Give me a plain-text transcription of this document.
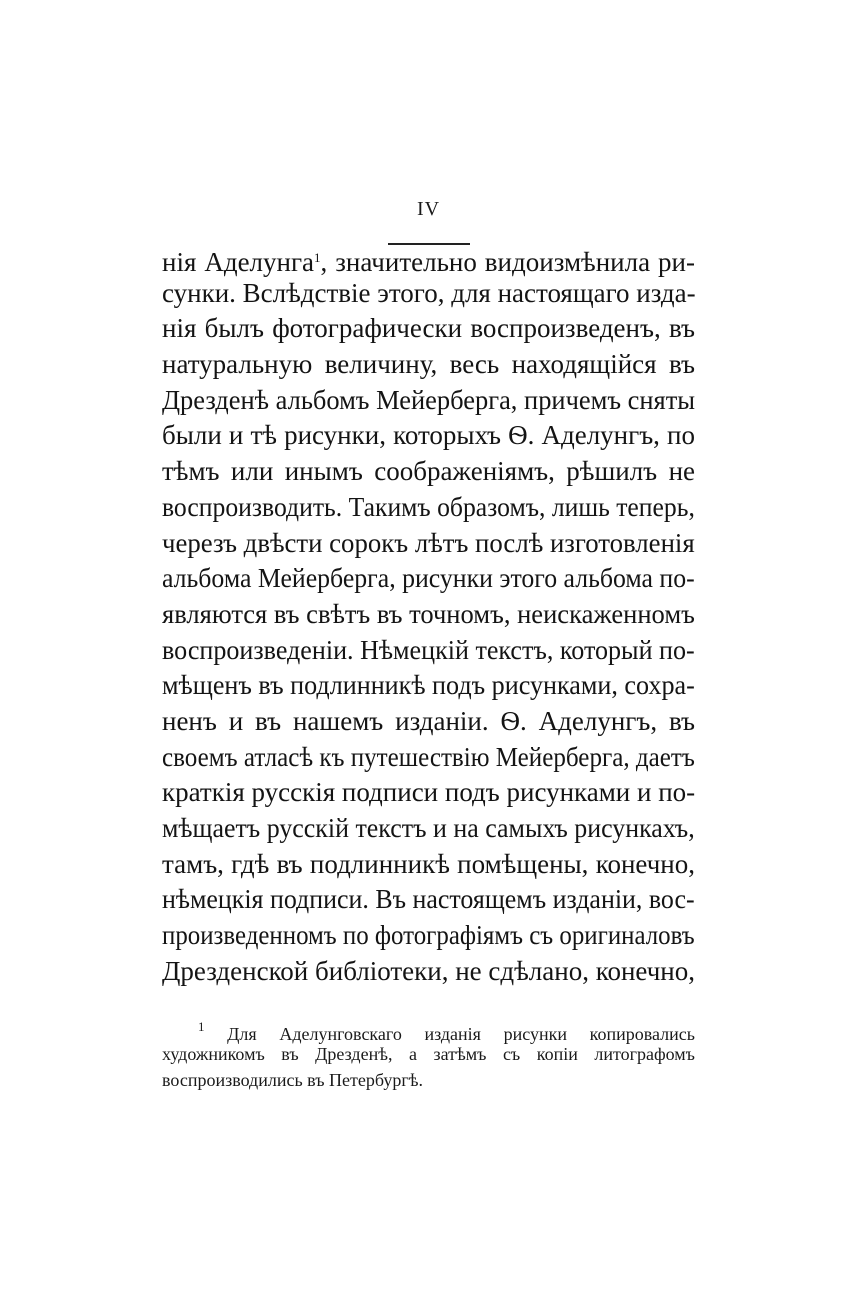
IV
нія Аделунга$^1$, значительно видоизмѣнила ри-
сунки. Вслѣдствіе этого, для настоящаго изда-
нія былъ фотографически воспроизведенъ, въ
натуральную величину, весь находящійся въ
Дрезденѣ альбомъ Мейерберга, причемъ сняты
были и тѣ рисунки, которыхъ Ѳ. Аделунгъ, по
тѣмъ или инымъ соображеніямъ, рѣшилъ не
воспроизводить. Такимъ образомъ, лишь теперь,
черезъ двѣсти сорокъ лѣтъ послѣ изготовленія
альбома Мейерберга, рисунки этого альбома по-
являются въ свѣтъ въ точномъ, неискаженномъ
воспроизведеніи. Нѣмецкій текстъ, который по-
мѣщенъ въ подлинникѣ подъ рисунками, сохра-
ненъ и въ нашемъ изданіи. Ѳ. Аделунгъ, въ
своемъ атласѣ къ путешествію Мейерберга, даетъ
краткія русскія подписи подъ рисунками и по-
мѣщаетъ русскій текстъ и на самыхъ рисункахъ,
тамъ, гдѣ въ подлинникѣ помѣщены, конечно,
нѣмецкія подписи. Въ настоящемъ изданіи, вос-
произведенномъ по фотографіямъ съ оригиналовъ
Дрезденской библіотеки, не сдѣлано, конечно,
$^1$ Для Аделунговскаго изданія рисунки копировались
художникомъ въ Дрезденѣ, а затѣмъ съ копіи литографомъ
воспроизводились въ Петербургѣ.
